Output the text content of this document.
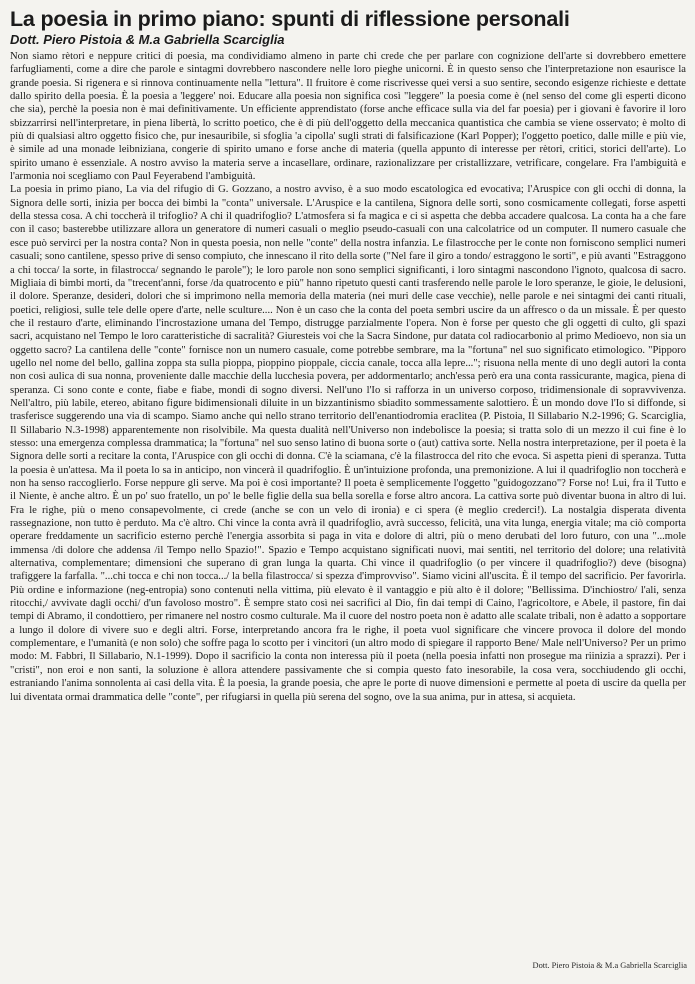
La poesia in primo piano: spunti di riflessione personali
Dott. Piero Pistoia & M.a Gabriella Scarciglia

Non siamo rètori e neppure critici di poesia, ma condividiamo almeno in parte chi crede che per parlare con cognizione dell'arte si dovrebbero emettere farfugliamenti, come a dire che parole e sintagmi dovrebbero nascondere nelle loro pieghe unicorni. È in questo senso che l'interpretazione non esaurisce la grande poesia. Si rigenera e si rinnova continuamente nella "lettura". Il fruitore è come riscrivesse quei versi a suo sentire, secondo esigenze richieste e dettate dallo spirito della poesia. È la poesia a 'leggere' noi. Educare alla poesia non significa così "leggere" la poesia come è (nel senso del come gli esperti dicono che sia), perchè la poesia non è mai definitivamente. Un efficiente apprendistato (forse anche efficace sulla via del far poesia) per i giovani è favorire il loro sbizzarrirsi nell'interpretare, in piena libertà, lo scritto poetico, che è di più dell'oggetto della meccanica quantistica che cambia se viene osservato; è molto di più di qualsiasi altro oggetto fisico che, pur inesauribile, si sfoglia 'a cipolla' sugli strati di falsificazione (Karl Popper); l'oggetto poetico, dalle mille e più vie, è simile ad una monade leibniziana, congerie di spirito umano e forse anche di materia (quella appunto di interesse per rètori, critici, storici dell'arte). Lo spirito umano è essenziale. A nostro avviso la materia serve a incasellare, ordinare, razionalizzare per cristallizzare, vetrificare, congelare. Fra l'ambiguità e l'armonia noi scegliamo con Paul Feyerabend l'ambiguità.

La poesia in primo piano, La via del rifugio di G. Gozzano, a nostro avviso, è a suo modo escatologica ed evocativa; l'Aruspice con gli occhi di donna, la Signora delle sorti, inizia per bocca dei bimbi la "conta" universale. L'Aruspice e la cantilena, Signora delle sorti, sono cosmicamente collegati, forse aspetti della stessa cosa. A chi toccherà il trifoglio? A chi il quadrifoglio? L'atmosfera si fa magica e ci si aspetta che debba accadere qualcosa. La conta ha a che fare con il caso; basterebbe utilizzare allora un generatore di numeri casuali o meglio pseudo-casuali con una calcolatrice od un computer. Il numero casuale che esce può servirci per la nostra conta? Non in questa poesia, non nelle "conte" della nostra infanzia. Le filastrocche per le conte non forniscono semplici numeri casuali; sono cantilene, spesso prive di senso compiuto, che innescano il rito della sorte ("Nel fare il giro a tondo/ estraggono le sorti", e più avanti "Estraggono a chi tocca/ la sorte, in filastrocca/ segnando le parole"); le loro parole non sono semplici significanti, i loro sintagmi nascondono l'ignoto, qualcosa di sacro. Migliaia di bimbi morti, da "trecent'anni, forse /da quatrocento e più" hanno ripetuto questi canti trasferendo nelle parole le loro speranze, le gioie, le delusioni, il dolore. Speranze, desideri, dolori che si imprimono nella memoria della materia (nei muri delle case vecchie), nelle parole e nei sintagmi dei canti rituali, poetici, religiosi, sulle tele delle opere d'arte, nelle sculture.... Non è un caso che la conta del poeta sembri uscire da un affresco o da un missale. È per questo che il restauro d'arte, eliminando l'incrostazione umana del Tempo, distrugge parzialmente l'opera. Non è forse per questo che gli oggetti di culto, gli spazi sacri, acquistano nel Tempo le loro caratteristiche di sacralità? Giuresteis voi che la Sacra Sindone, pur datata col radiocarbonio al primo Medioevo, non sia un oggetto sacro? La cantilena delle "conte" fornisce non un numero casuale, come potrebbe sembrare, ma la "fortuna" nel suo significato etimologico. "Pipporo ugello nel nome del bello, gallina zoppa sta sulla pioppa, pioppino pioppale, ciccia canale, tocca alla lepre..."; risuona nella mente di uno degli autori la conta non così aulica di sua nonna, proveniente dalle macchie della lucchesia povera, per addormentarlo; anch'essa però era una conta rassicurante, magica, piena di speranza. Ci sono conte e conte, fiabe e fiabe, mondi di sogno diversi. Nell'uno l'Io si rafforza in un universo corposo, tridimensionale di sopravvivenza. Nell'altro, più labile, etereo, abitano figure bidimensionali diluite in un bizzantinismo sbiadito sommessamente salottiero. È un mondo dove l'Io si diffonde, si trasferisce suggerendo una via di scampo. Siamo anche qui nello strano territorio dell'enantiodromia eraclitea (P. Pistoia, Il Sillabario N.2-1996; G. Scarciglia, Il Sillabario N.3-1998) apparentemente non risolvibile. Ma questa dualità nell'Universo non indebolisce la poesia; si tratta solo di un mezzo il cui fine è lo stesso: una emergenza complessa drammatica; la "fortuna" nel suo senso latino di buona sorte o (aut) cattiva sorte. Nella nostra interpretazione, per il poeta è la Signora delle sorti a recitare la conta, l'Aruspice con gli occhi di donna. C'è la sciamana, c'è la filastrocca del rito che evoca. Si aspetta pieni di speranza. Tutta la poesia è un'attesa. Ma il poeta lo sa in anticipo, non vincerà il quadrifoglio. È un'intuizione profonda, una premonizione. A lui il quadrifoglio non toccherà e non ha senso raccoglierlo. Forse neppure gli serve. Ma poi è così importante? Il poeta è semplicemente l'oggetto "guidogozzano"? Forse no! Lui, fra il Tutto e il Niente, è anche altro. È un po' suo fratello, un po' le belle figlie della sua bella sorella e forse altro ancora. La cattiva sorte può diventar buona in altro di lui. Fra le righe, più o meno consapevolmente, ci crede (anche se con un velo di ironia) e ci spera (è meglio crederci!). La nostalgia disperata diventa rassegnazione, non tutto è perduto. Ma c'è altro. Chi vince la conta avrà il quadrifoglio, avrà successo, felicità, una vita lunga, energia vitale; ma ciò comporta operare freddamente un sacrificio esterno perchè l'energia assorbita si paga in vita e dolore di altri, più o meno derubati del loro futuro, con una "...mole immensa /di dolore che addensa /il Tempo nello Spazio!". Spazio e Tempo acquistano significati nuovi, mai sentiti, nel territorio del dolore; una relatività alternativa, complementare; dimensioni che superano di gran lunga la quarta. Chi vince il quadrifoglio (o per vincere il quadrifoglio?) deve (bisogna) trafiggere la farfalla. "...chi tocca e chi non tocca.../ la bella filastrocca/ si spezza d'improvviso". Siamo vicini all'uscita. È il tempo del sacrificio. Per favorirla. Più ordine e informazione (neg-entropia) sono contenuti nella vittima, più elevato è il vantaggio e più alto è il dolore; "Bellissima. D'inchiostro/ l'ali, senza ritocchi,/ avvivate dagli occhi/ d'un favoloso mostro". È sempre stato così nei sacrifici al Dio, fin dai tempi di Caino, l'agricoltore, e Abele, il pastore, fin dai tempi di Abramo, il condottiero, per rimanere nel nostro cosmo culturale. Ma il cuore del nostro poeta non è adatto alle scalate tribali, non è adatto a sopportare a lungo il dolore di vivere suo e degli altri. Forse, interpretando ancora fra le righe, il poeta vuol significare che vincere provoca il dolore del mondo complementare, e l'umanità (e non solo) che soffre paga lo scotto per i vincitori (un altro modo di spiegare il rapporto Bene/ Male nell'Universo? Per un primo modo: M. Fabbri, Il Sillabario, N.1-1999). Dopo il sacrificio la conta non interessa più il poeta (nella poesia infatti non prosegue ma riinizia a sprazzi). Per i "cristi", non eroi e non santi, la soluzione è allora attendere passivamente che si compia questo fato inesorabile, la cosa vera, socchiudendo gli occhi, estraniando l'anima sonnolenta ai casi della vita. È la poesia, la grande poesia, che apre le porte di nuove dimensioni e permette al poeta di uscire da quella per lui diventata ormai drammatica delle "conte", per rifugiarsi in quella più serena del sogno, ove la sua anima, pur in attesa, si acquieta.

Dott. Piero Pistoia & M.a Gabriella Scarciglia
